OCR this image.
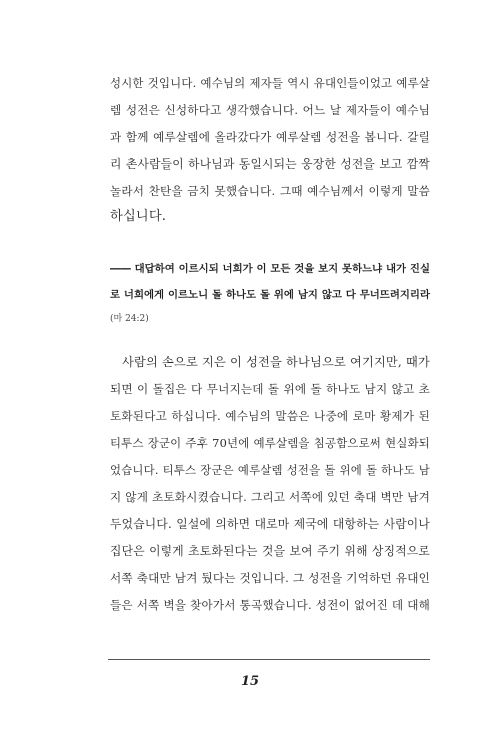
성시한 것입니다. 예수님의 제자들 역시 유대인들이었고 예루살
렘 성전은 신성하다고 생각했습니다. 어느 날 제자들이 예수님
과 함께 예루살렘에 올라갔다가 예루살렘 성전을 봅니다. 갈릴
리 촌사람들이 하나님과 동일시되는 웅장한 성전을 보고 깜짝
놀라서 찬탄을 금치 못했습니다. 그때 예수님께서 이렇게 말씀
하십니다.
―― 대답하여 이르시되 너희가 이 모든 것을 보지 못하느냐 내가 진실
로 너희에게 이르노니 돌 하나도 돌 위에 남지 않고 다 무너뜨려지리라
(마 24:2)
사람의 손으로 지은 이 성전을 하나님으로 여기지만, 때가
되면 이 돌집은 다 무너지는데 돌 위에 돌 하나도 남지 않고 초
토화된다고 하십니다. 예수님의 말씀은 나중에 로마 황제가 된
티투스 장군이 주후 70년에 예루살렘을 침공함으로써 현실화되
었습니다. 티투스 장군은 예루살렘 성전을 돌 위에 돌 하나도 남
지 않게 초토화시켰습니다. 그리고 서쪽에 있던 축대 벽만 남겨
두었습니다. 일설에 의하면 대로마 제국에 대항하는 사람이나
집단은 이렇게 초토화된다는 것을 보여 주기 위해 상징적으로
서쪽 축대만 남겨 뒀다는 것입니다. 그 성전을 기억하던 유대인
들은 서쪽 벽을 찾아가서 통곡했습니다. 성전이 없어진 데 대해
15
